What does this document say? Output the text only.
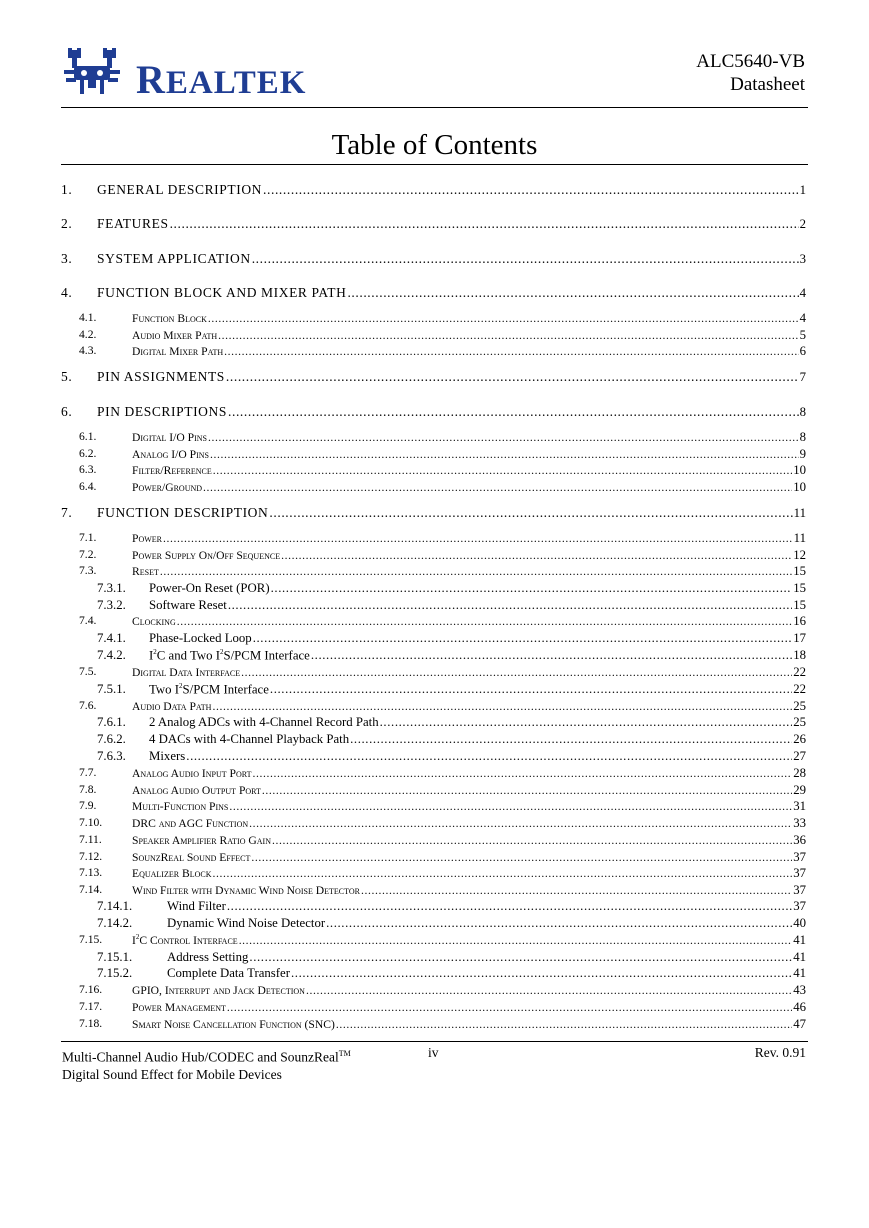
REALTEK
ALC5640-VB
Datasheet
Table of Contents
1. GENERAL DESCRIPTION .....	1
2. FEATURES .....	2
3. SYSTEM APPLICATION .....	3
4. FUNCTION BLOCK AND MIXER PATH .....	4
4.1.	Function Block .....	4
4.2.	Audio Mixer Path .....	5
4.3.	Digital Mixer Path .....	6
5. PIN ASSIGNMENTS .....	7
6. PIN DESCRIPTIONS .....	8
6.1.	Digital I/O Pins .....	8
6.2.	Analog I/O Pins .....	9
6.3.	Filter/Reference .....	10
6.4.	Power/Ground .....	10
7. FUNCTION DESCRIPTION .....	11
7.1.	Power .....	11
7.2.	Power Supply On/Off Sequence .....	12
7.3.	Reset .....	15
7.3.1. Power-On Reset (POR) .....	15
7.3.2. Software Reset .....	15
7.4.	Clocking .....	16
7.4.1. Phase-Locked Loop .....	17
7.4.2. $I^2C$ and Two $I^2S$/PCM Interface .....	18
7.5.	Digital Data Interface .....	22
7.5.1. Two $I^2S$/PCM Interface .....	22
7.6.	Audio Data Path .....	25
7.6.1. 2 Analog ADCs with 4-Channel Record Path .....	25
7.6.2. 4 DACs with 4-Channel Playback Path .....	26
7.6.3. Mixers .....	27
7.7.	Analog Audio Input Port .....	28
7.8.	Analog Audio Output Port .....	29
7.9.	Multi-Function Pins .....	31
7.10.	DRC and AGC Function .....	33
7.11.	Speaker Amplifier Ratio Gain .....	36
7.12.	SounzReal Sound Effect .....	37
7.13.	Equalizer Block .....	37
7.14.	Wind Filter with Dynamic Wind Noise Detector .....	37
7.14.1.	Wind Filter .....	37
7.14.2.	Dynamic Wind Noise Detector .....	40
7.15.	$I^2C$ Control Interface .....	41
7.15.1.	Address Setting .....	41
7.15.2.	Complete Data Transfer .....	41
7.16.	GPIO, Interrupt and Jack Detection .....	43
7.17.	Power Management .....	46
7.18.	Smart Noise Cancellation Function (SNC) .....	47
Multi-Channel Audio Hub/CODEC and SounzReal™
Digital Sound Effect for Mobile Devices
iv	Rev. 0.91
